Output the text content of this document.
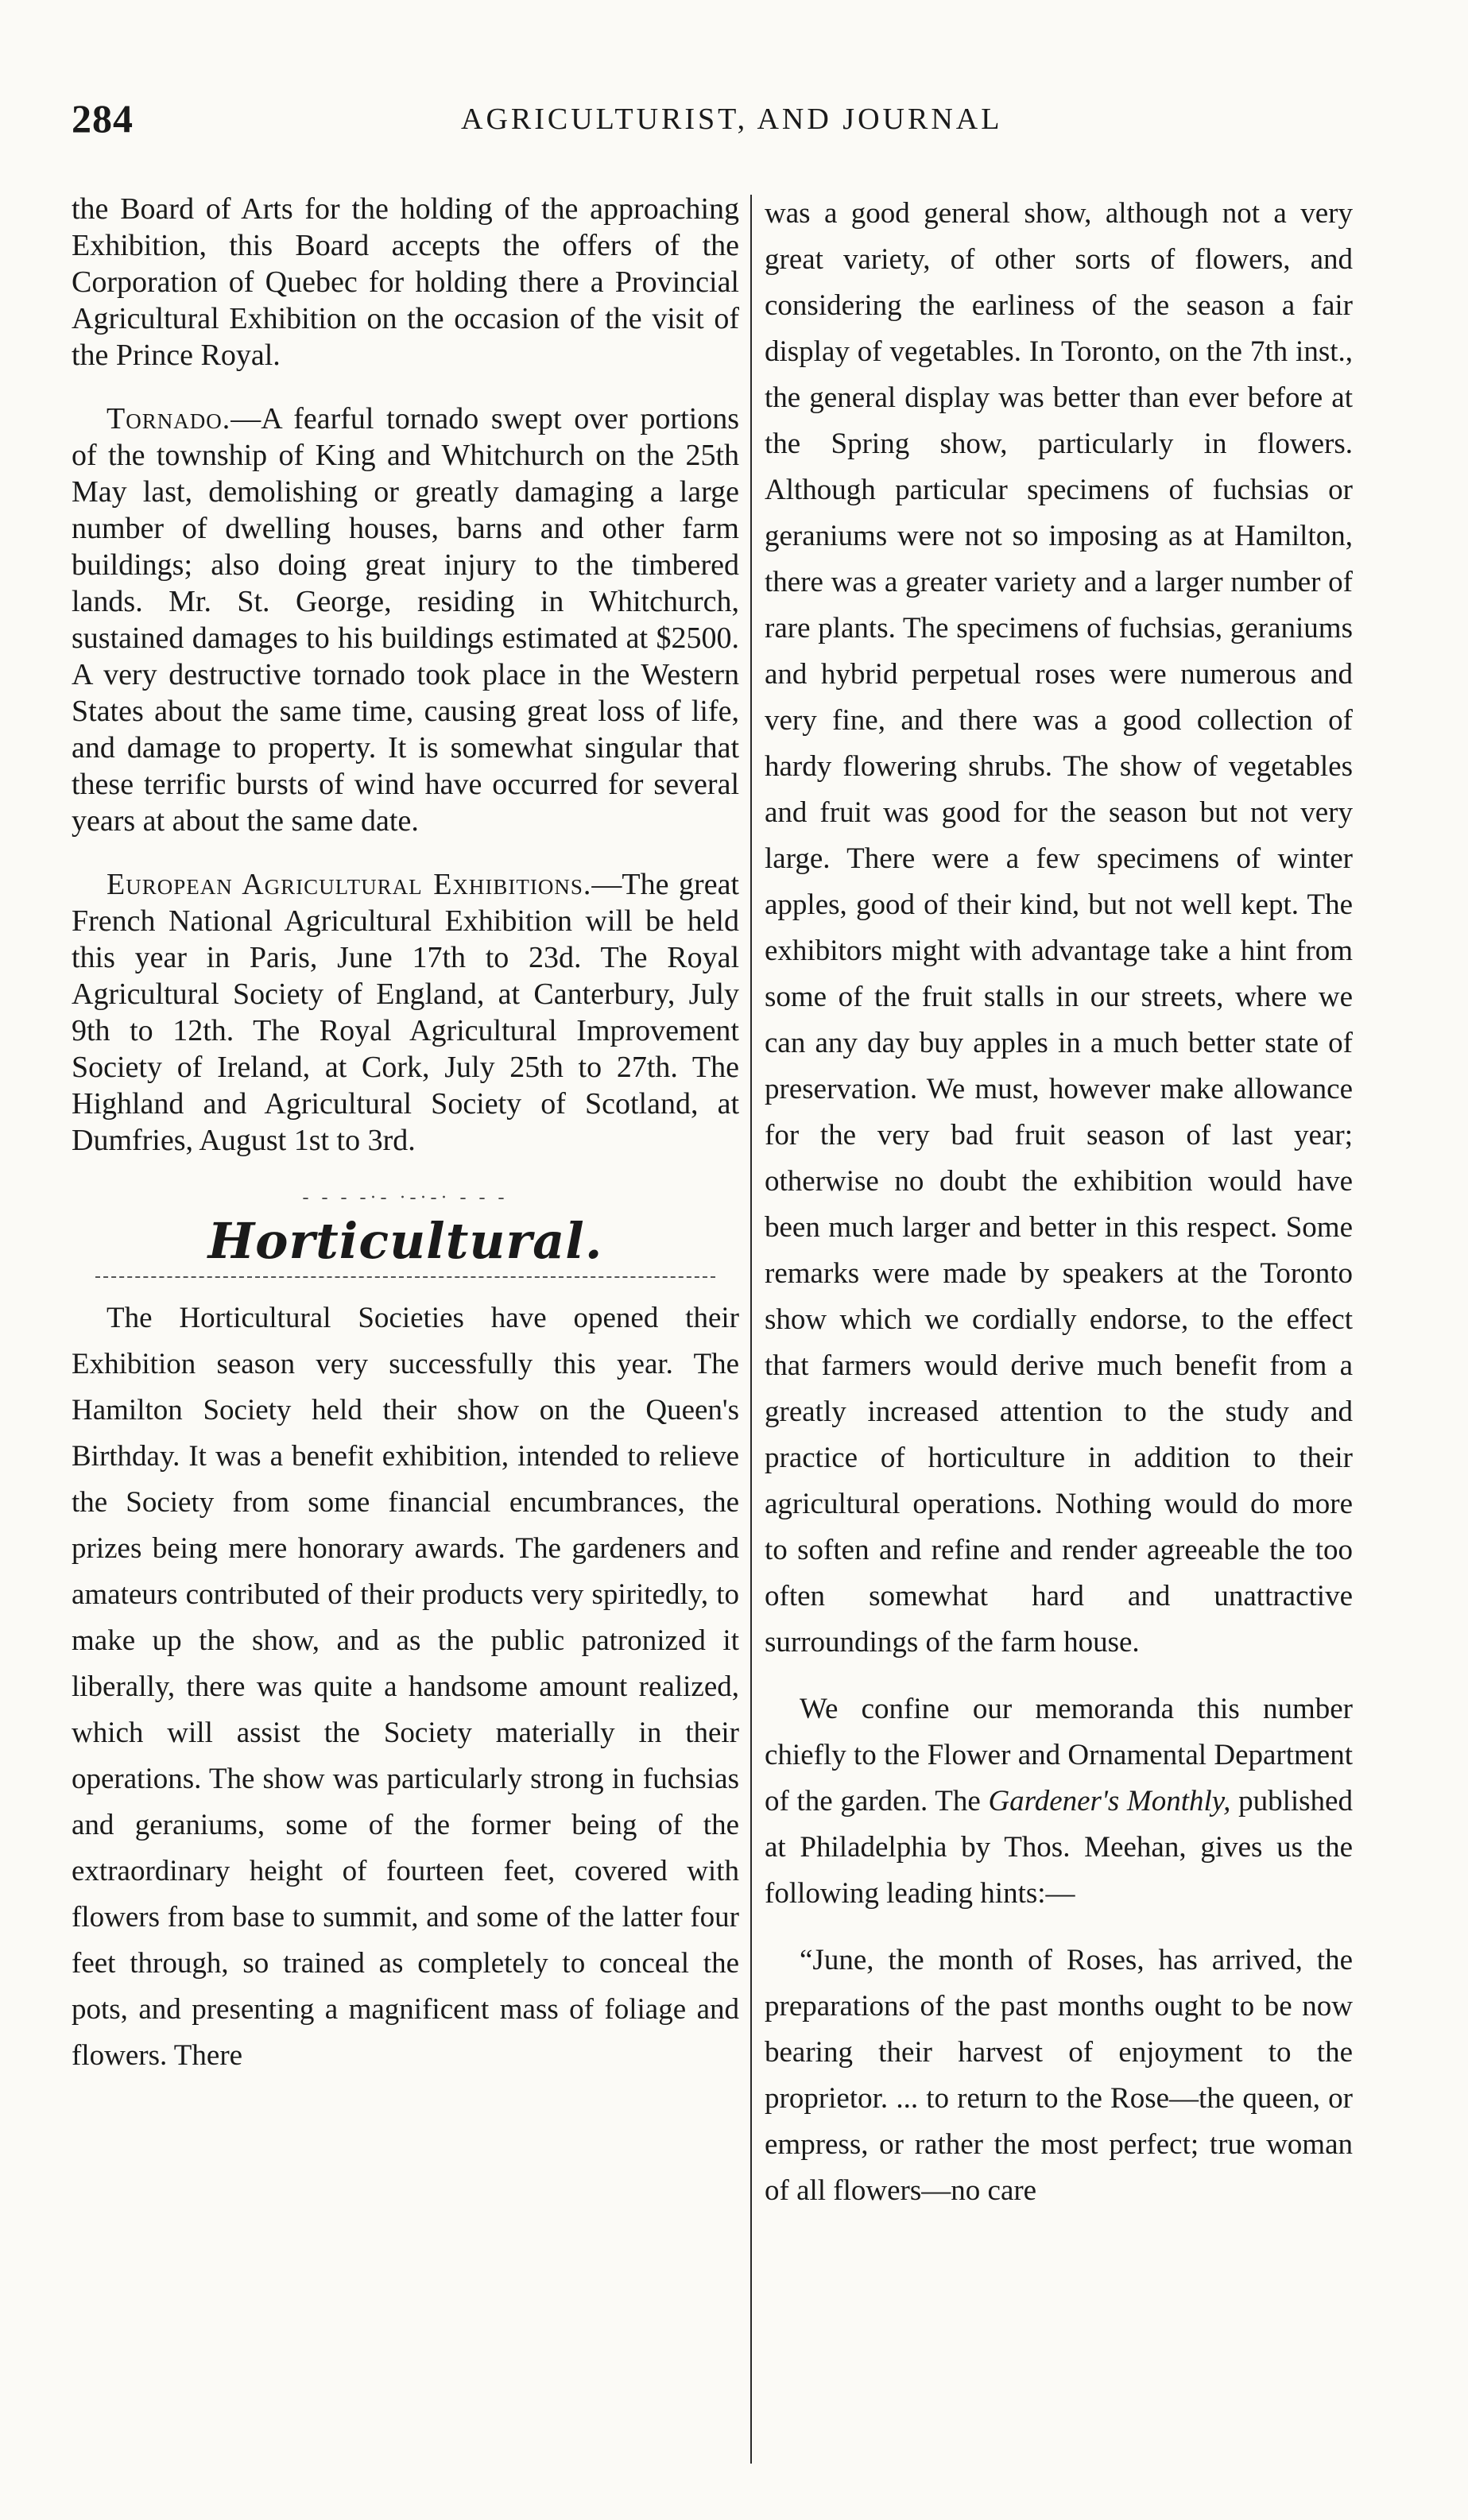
284	AGRICULTURIST, AND JOURNAL

the Board of Arts for the holding of the approaching Exhibition, this Board accepts the offers of the Corporation of Quebec for holding there a Provincial Agricultural Exhibition on the occasion of the visit of the Prince Royal.

Tornado.—A fearful tornado swept over portions of the township of King and Whitchurch on the 25th May last, demolishing or greatly damaging a large number of dwelling houses, barns and other farm buildings; also doing great injury to the timbered lands. Mr. St. George, residing in Whitchurch, sustained damages to his buildings estimated at $2500. A very destructive tornado took place in the Western States about the same time, causing great loss of life, and damage to property. It is somewhat singular that these terrific bursts of wind have occurred for several years at about the same date.

European Agricultural Exhibitions.—The great French National Agricultural Exhibition will be held this year in Paris, June 17th to 23d. The Royal Agricultural Society of England, at Canterbury, July 9th to 12th. The Royal Agricultural Improvement Society of Ireland, at Cork, July 25th to 27th. The Highland and Agricultural Society of Scotland, at Dumfries, August 1st to 3rd.

- - - -·- ·-·-· - - -
Horticultural.

The Horticultural Societies have opened their Exhibition season very successfully this year. The Hamilton Society held their show on the Queen's Birthday. It was a benefit exhibition, intended to relieve the Society from some financial encumbrances, the prizes being mere honorary awards. The gardeners and amateurs contributed of their products very spiritedly, to make up the show, and as the public patronized it liberally, there was quite a handsome amount realized, which will assist the Society materially in their operations. The show was particularly strong in fuchsias and geraniums, some of the former being of the extraordinary height of fourteen feet, covered with flowers from base to summit, and some of the latter four feet through, so trained as completely to conceal the pots, and presenting a magnificent mass of foliage and flowers. There

was a good general show, although not a very great variety, of other sorts of flowers, and considering the earliness of the season a fair display of vegetables. In Toronto, on the 7th inst., the general display was better than ever before at the Spring show, particularly in flowers. Although particular specimens of fuchsias or geraniums were not so imposing as at Hamilton, there was a greater variety and a larger number of rare plants. The specimens of fuchsias, geraniums and hybrid perpetual roses were numerous and very fine, and there was a good collection of hardy flowering shrubs. The show of vegetables and fruit was good for the season but not very large. There were a few specimens of winter apples, good of their kind, but not well kept. The exhibitors might with advantage take a hint from some of the fruit stalls in our streets, where we can any day buy apples in a much better state of preservation. We must, however make allowance for the very bad fruit season of last year; otherwise no doubt the exhibition would have been much larger and better in this respect. Some remarks were made by speakers at the Toronto show which we cordially endorse, to the effect that farmers would derive much benefit from a greatly increased attention to the study and practice of horticulture in addition to their agricultural operations. Nothing would do more to soften and refine and render agreeable the too often somewhat hard and unattractive surroundings of the farm house.

We confine our memoranda this number chiefly to the Flower and Ornamental Department of the garden. The Gardener's Monthly, published at Philadelphia by Thos. Meehan, gives us the following leading hints:—

“June, the month of Roses, has arrived, the preparations of the past months ought to be now bearing their harvest of enjoyment to the proprietor. ... to return to the Rose—the queen, or empress, or rather the most perfect; true woman of all flowers—no care
